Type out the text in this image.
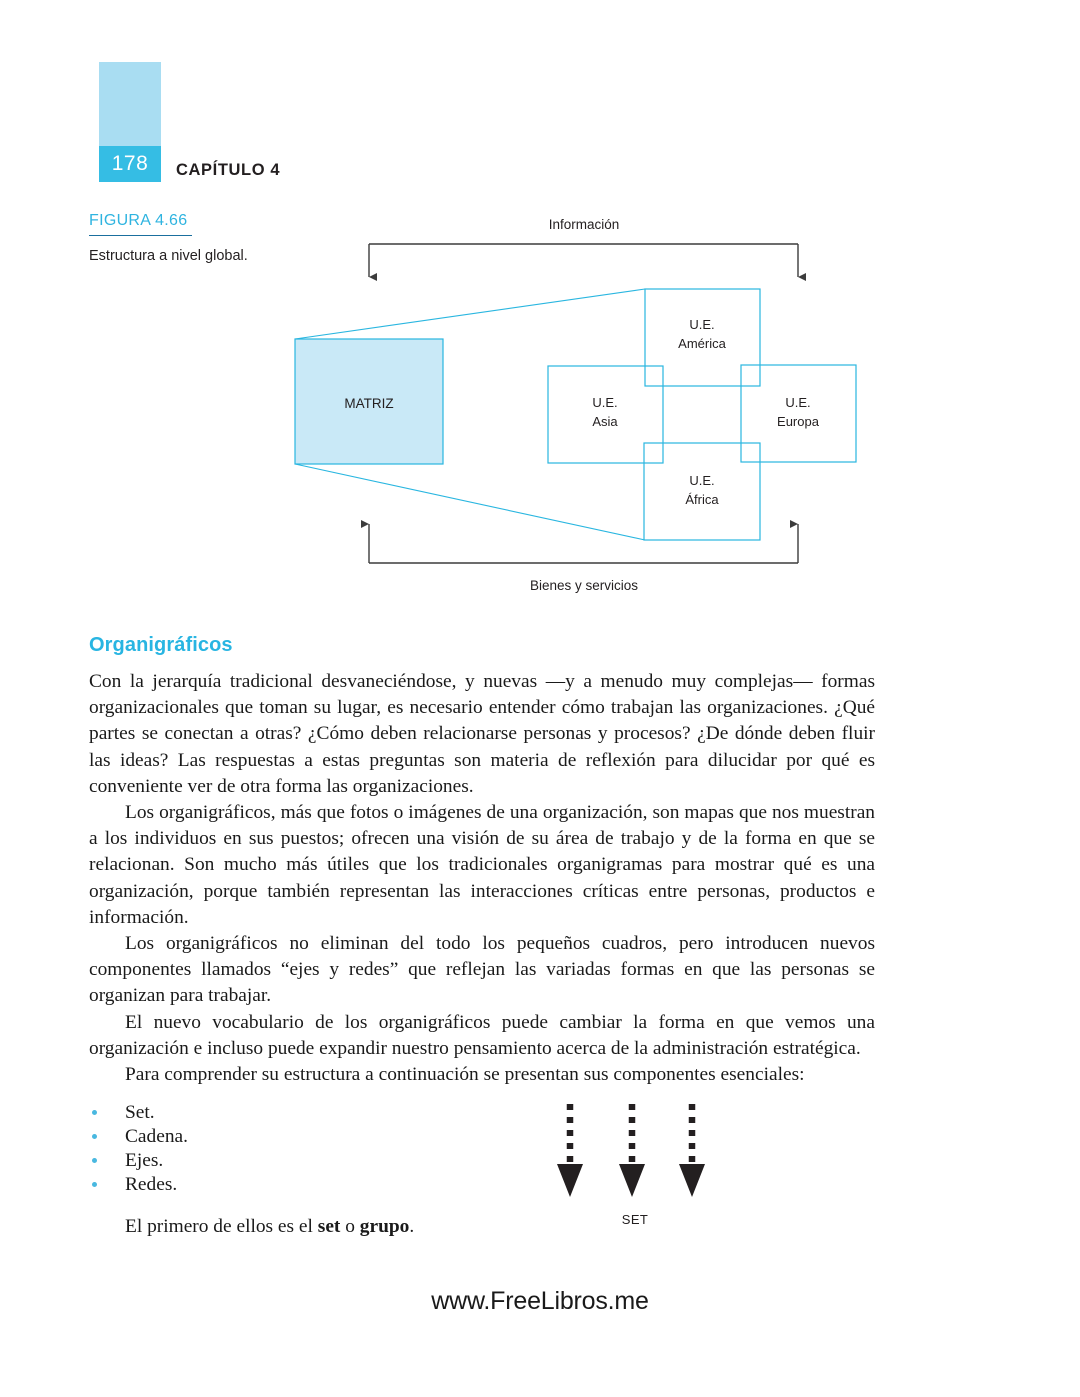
178	CAPÍTULO 4
FIGURA 4.66
Estructura a nivel global.
Información
MATRIZ
U.E.
América
U.E.
Asia
U.E.
Europa
U.E.
África
Bienes y servicios
Organigráficos

Con la jerarquía tradicional desvaneciéndose, y nuevas —y a menudo muy complejas— formas organizacionales que toman su lugar, es necesario entender cómo trabajan las organizaciones. ¿Qué partes se conectan a otras? ¿Cómo deben relacionarse personas y procesos? ¿De dónde deben fluir las ideas? Las respuestas a estas preguntas son materia de reflexión para dilucidar por qué es conveniente ver de otra forma las organizaciones.

Los organigráficos, más que fotos o imágenes de una organización, son mapas que nos muestran a los individuos en sus puestos; ofrecen una visión de su área de trabajo y de la forma en que se relacionan. Son mucho más útiles que los tradicionales organigramas para mostrar qué es una organización, porque también representan las interacciones críticas entre personas, productos e información.

Los organigráficos no eliminan del todo los pequeños cuadros, pero introducen nuevos componentes llamados “ejes y redes” que reflejan las variadas formas en que las personas se organizan para trabajar.

El nuevo vocabulario de los organigráficos puede cambiar la forma en que vemos una organización e incluso puede expandir nuestro pensamiento acerca de la administración estratégica.

Para comprender su estructura a continuación se presentan sus componentes esenciales:

Set.
Cadena.
Ejes.
Redes.

El primero de ellos es el set o grupo.	SET
www.FreeLibros.me
